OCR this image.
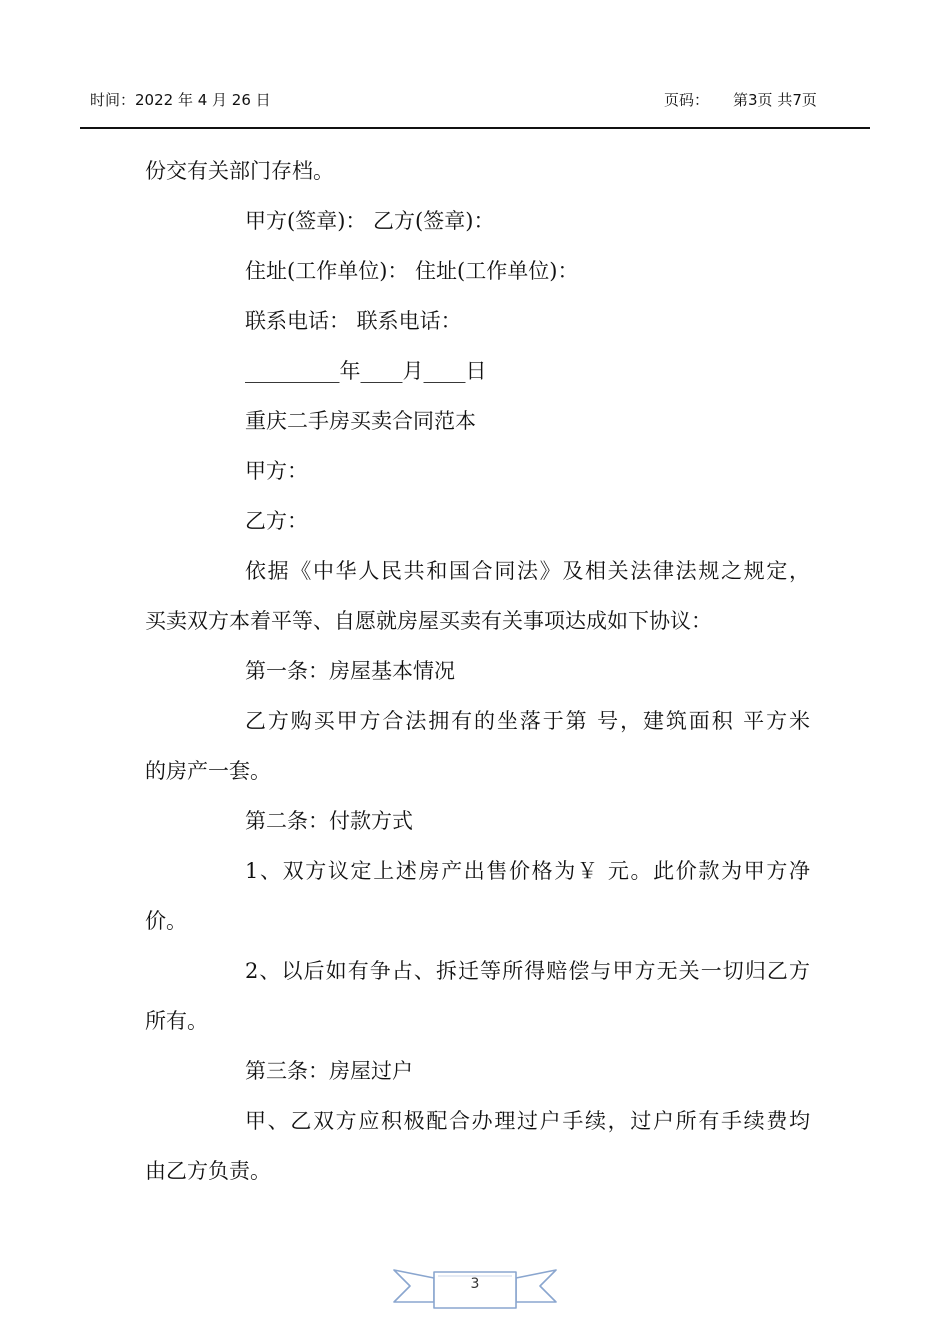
时间：2022 年 4 月 26 日	页码： 第3页 共7页
份交有关部门存档。
甲方(签章)： 乙方(签章)：
住址(工作单位)： 住址(工作单位)：
联系电话： 联系电话：
_________年____月____日
重庆二手房买卖合同范本
甲方：
乙方：
依据《中华人民共和国合同法》及相关法律法规之规定，
买卖双方本着平等、自愿就房屋买卖有关事项达成如下协议：
第一条：房屋基本情况
乙方购买甲方合法拥有的坐落于第 号，建筑面积 平方米
的房产一套。
第二条：付款方式
1、双方议定上述房产出售价格为￥ 元。此价款为甲方净
价。
2、以后如有争占、拆迁等所得赔偿与甲方无关一切归乙方
所有。
第三条：房屋过户
甲、乙双方应积极配合办理过户手续，过户所有手续费均
由乙方负责。
3
